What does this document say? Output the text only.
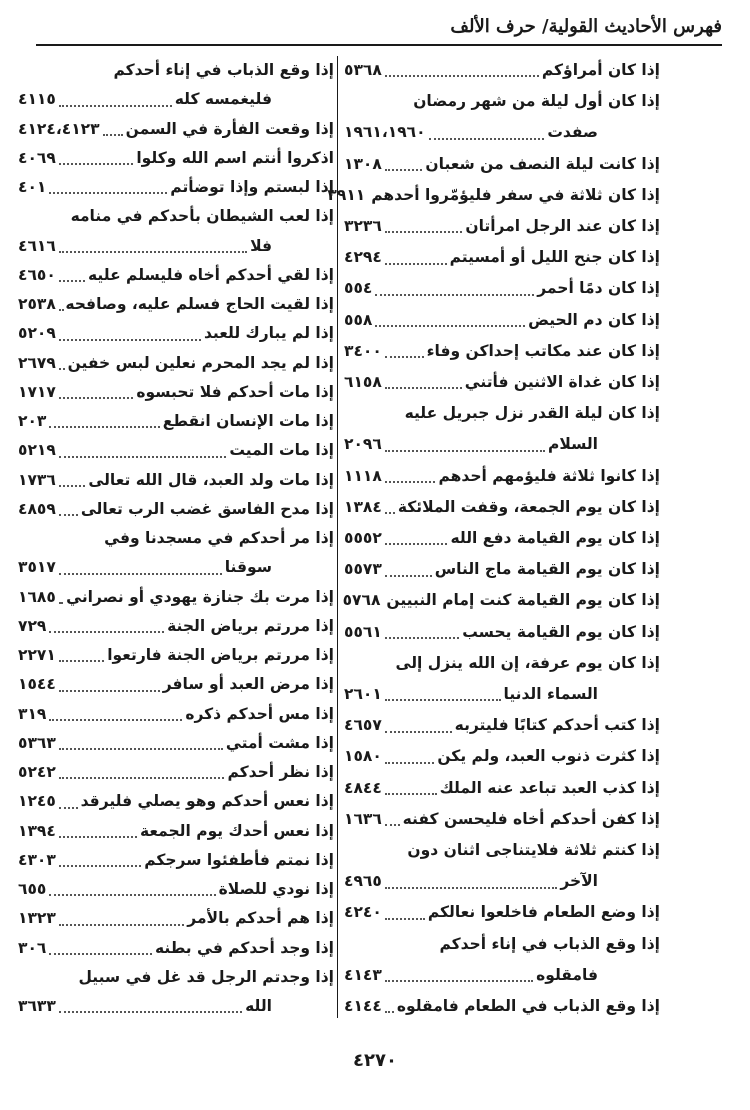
فهرس الأحاديث القولية/ حرف الألف
إذا كان أمراؤكم
٥٣٦٨
إذا كان أول ليلة من شهر رمضان
صفدت
١٩٦١،١٩٦٠
إذا كانت ليلة النصف من شعبان
١٣٠٨
إذا كان ثلاثة في سفر فليؤمّروا أحدهم
٣٩١١
إذا كان عند الرجل امرأتان
٣٢٣٦
إذا كان جنح الليل أو أمسيتم
٤٢٩٤
إذا كان دمًا أحمر
٥٥٤
إذا كان دم الحيض
٥٥٨
إذا كان عند مكاتب إحداكن وفاء
٣٤٠٠
إذا كان غداة الاثنين فأتني
٦١٥٨
إذا كان ليلة القدر نزل جبريل عليه
السلام
٢٠٩٦
إذا كانوا ثلاثة فليؤمهم أحدهم
١١١٨
إذا كان يوم الجمعة، وقفت الملائكة
١٣٨٤
إذا كان يوم القيامة دفع الله
٥٥٥٢
إذا كان يوم القيامة ماج الناس
٥٥٧٣
إذا كان يوم القيامة كنت إمام النبيين
٥٧٦٨
إذا كان يوم القيامة يحسب
٥٥٦١
إذا كان يوم عرفة، إن الله ينزل إلى
السماء الدنيا
٢٦٠١
إذا كتب أحدكم كتابًا فليتربه
٤٦٥٧
إذا كثرت ذنوب العبد، ولم يكن
١٥٨٠
إذا كذب العبد تباعد عنه الملك
٤٨٤٤
إذا كفن أحدكم أخاه فليحسن كفنه
١٦٣٦
إذا كنتم ثلاثة فلايتناجى اثنان دون
الآخر
٤٩٦٥
إذا وضع الطعام فاخلعوا نعالكم
٤٢٤٠
إذا وقع الذباب في إناء أحدكم
فامقلوه
٤١٤٣
إذا وقع الذباب في الطعام فامقلوه
٤١٤٤
إذا وقع الذباب في إناء أحدكم
فليغمسه كله
٤١١٥
إذا وقعت الفأرة في السمن
٤١٢٤،٤١٢٣
اذكروا أنتم اسم الله وكلوا
٤٠٦٩
إذا لبستم وإذا توضأتم
٤٠١
إذا لعب الشيطان بأحدكم في منامه
فلا
٤٦١٦
إذا لقي أحدكم أخاه فليسلم عليه
٤٦٥٠
إذا لقيت الحاج فسلم عليه، وصافحه
٢٥٣٨
إذا لم يبارك للعبد
٥٢٠٩
إذا لم يجد المحرم نعلين لبس خفين
٢٦٧٩
إذا مات أحدكم فلا تحبسوه
١٧١٧
إذا مات الإنسان انقطع
٢٠٣
إذا مات الميت
٥٢١٩
إذا مات ولد العبد، قال الله تعالى
١٧٣٦
إذا مدح الفاسق غضب الرب تعالى
٤٨٥٩
إذا مر أحدكم في مسجدنا وفي
سوقنا
٣٥١٧
إذا مرت بك جنازة يهودي أو نصراني
١٦٨٥
إذا مررتم برياض الجنة
٧٢٩
إذا مررتم برياض الجنة فارتعوا
٢٢٧١
إذا مرض العبد أو سافر
١٥٤٤
إذا مس أحدكم ذكره
٣١٩
إذا مشت أمتي
٥٣٦٣
إذا نظر أحدكم
٥٢٤٢
إذا نعس أحدكم وهو يصلي فليرقد
١٢٤٥
إذا نعس أحدك يوم الجمعة
١٣٩٤
إذا نمتم فأطفئوا سرجكم
٤٣٠٣
إذا نودي للصلاة
٦٥٥
إذا هم أحدكم بالأمر
١٣٢٣
إذا وجد أحدكم في بطنه
٣٠٦
إذا وجدتم الرجل قد غل في سبيل
الله
٣٦٣٣
٤٢٧٠
